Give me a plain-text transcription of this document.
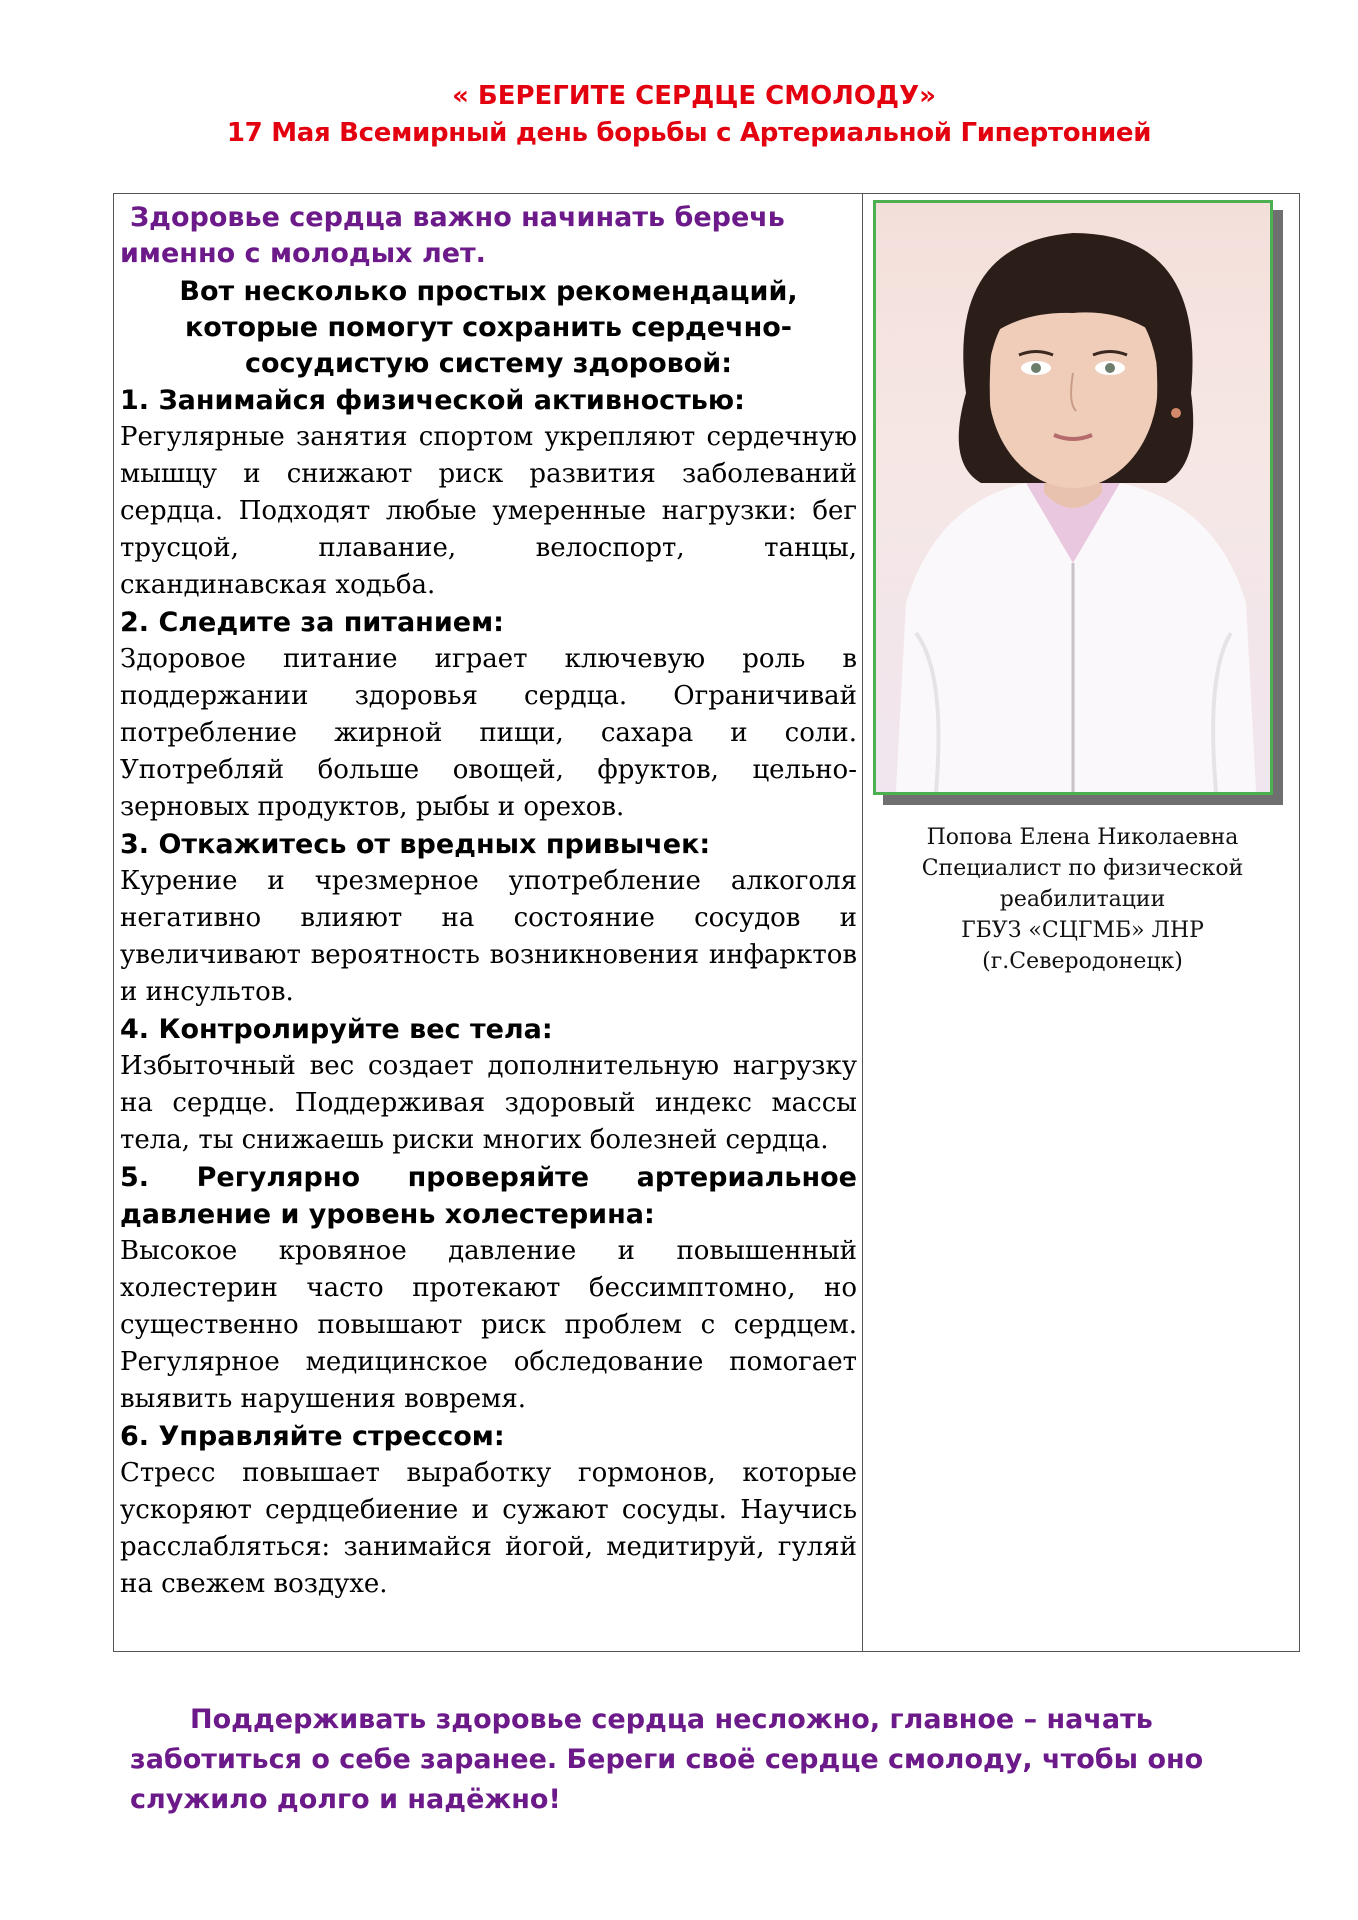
« БЕРЕГИТЕ СЕРДЦЕ СМОЛОДУ»
17 Мая Всемирный день борьбы с Артериальной Гипертонией
Здоровье сердца важно начинать беречь
именно с молодых лет.
Вот несколько простых рекомендаций, которые помогут сохранить сердечно-сосудистую систему здоровой:
1. Занимайся физической активностью:

Регулярные занятия спортом укрепляют сердечную мышцу и снижают риск развития заболеваний сердца. Подходят любые умеренные нагрузки: бег трусцой, плавание, велоспорт, танцы, скандинавская ходьба.

2. Следите за питанием:

Здоровое питание играет ключевую роль в поддержании здоровья сердца. Ограничивай потребление жирной пищи, сахара и соли. Употребляй больше овощей, фруктов, цельно-зерновых продуктов, рыбы и орехов.

3. Откажитесь от вредных привычек:

Курение и чрезмерное употребление алкоголя негативно влияют на состояние сосудов и увеличивают вероятность возникновения инфарктов и инсультов.

4. Контролируйте вес тела:

Избыточный вес создает дополнительную нагрузку на сердце. Поддерживая здоровый индекс массы тела, ты снижаешь риски многих болезней сердца.

5. Регулярно проверяйте артериальное давление и уровень холестерина:

Высокое кровяное давление и повышенный холестерин часто протекают бессимптомно, но существенно повышают риск проблем с сердцем. Регулярное медицинское обследование помогает выявить нарушения вовремя.

6. Управляйте стрессом:

Стресс повышает выработку гормонов, которые ускоряют сердцебиение и сужают сосуды. Научись расслабляться: занимайся йогой, медитируй, гуляй на свежем воздухе.

Попова Елена Николаевна
Специалист по физической
реабилитации
ГБУЗ «СЦГМБ» ЛНР
(г.Северодонецк)
Поддерживать здоровье сердца несложно, главное – начать
заботиться о себе заранее. Береги своё сердце смолоду, чтобы оно
служило долго и надёжно!
